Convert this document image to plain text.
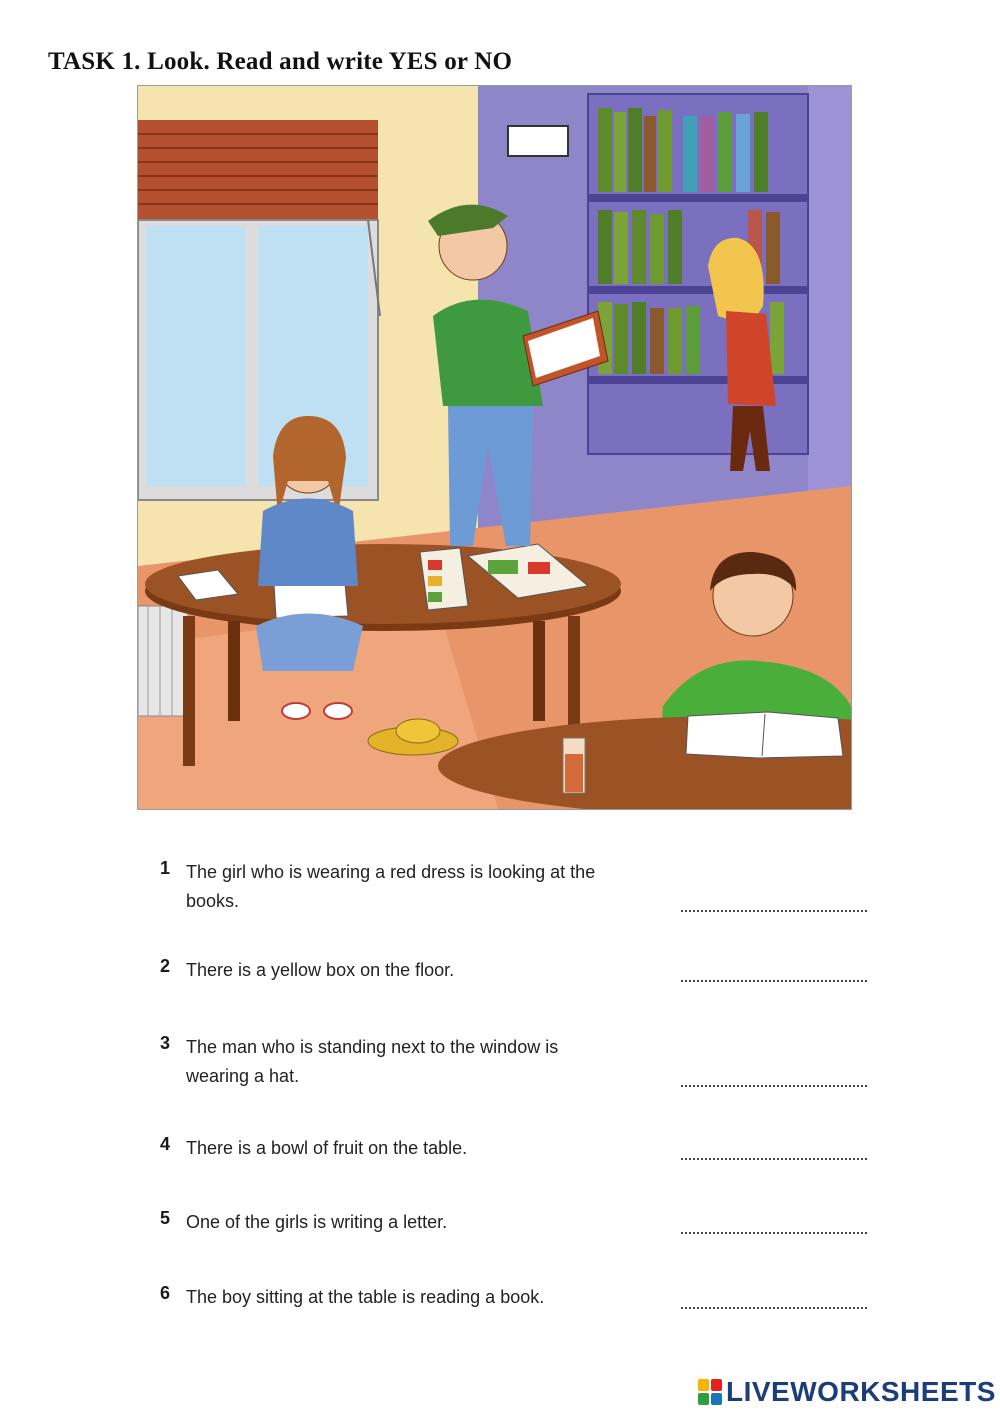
TASK 1. Look. Read and write YES or NO
1 The girl who is wearing a red dress is looking at the books.
2 There is a yellow box on the floor.
3 The man who is standing next to the window is wearing a hat.
4 There is a bowl of fruit on the table.
5 One of the girls is writing a letter.
6 The boy sitting at the table is reading a book.
LIVEWORKSHEETS
